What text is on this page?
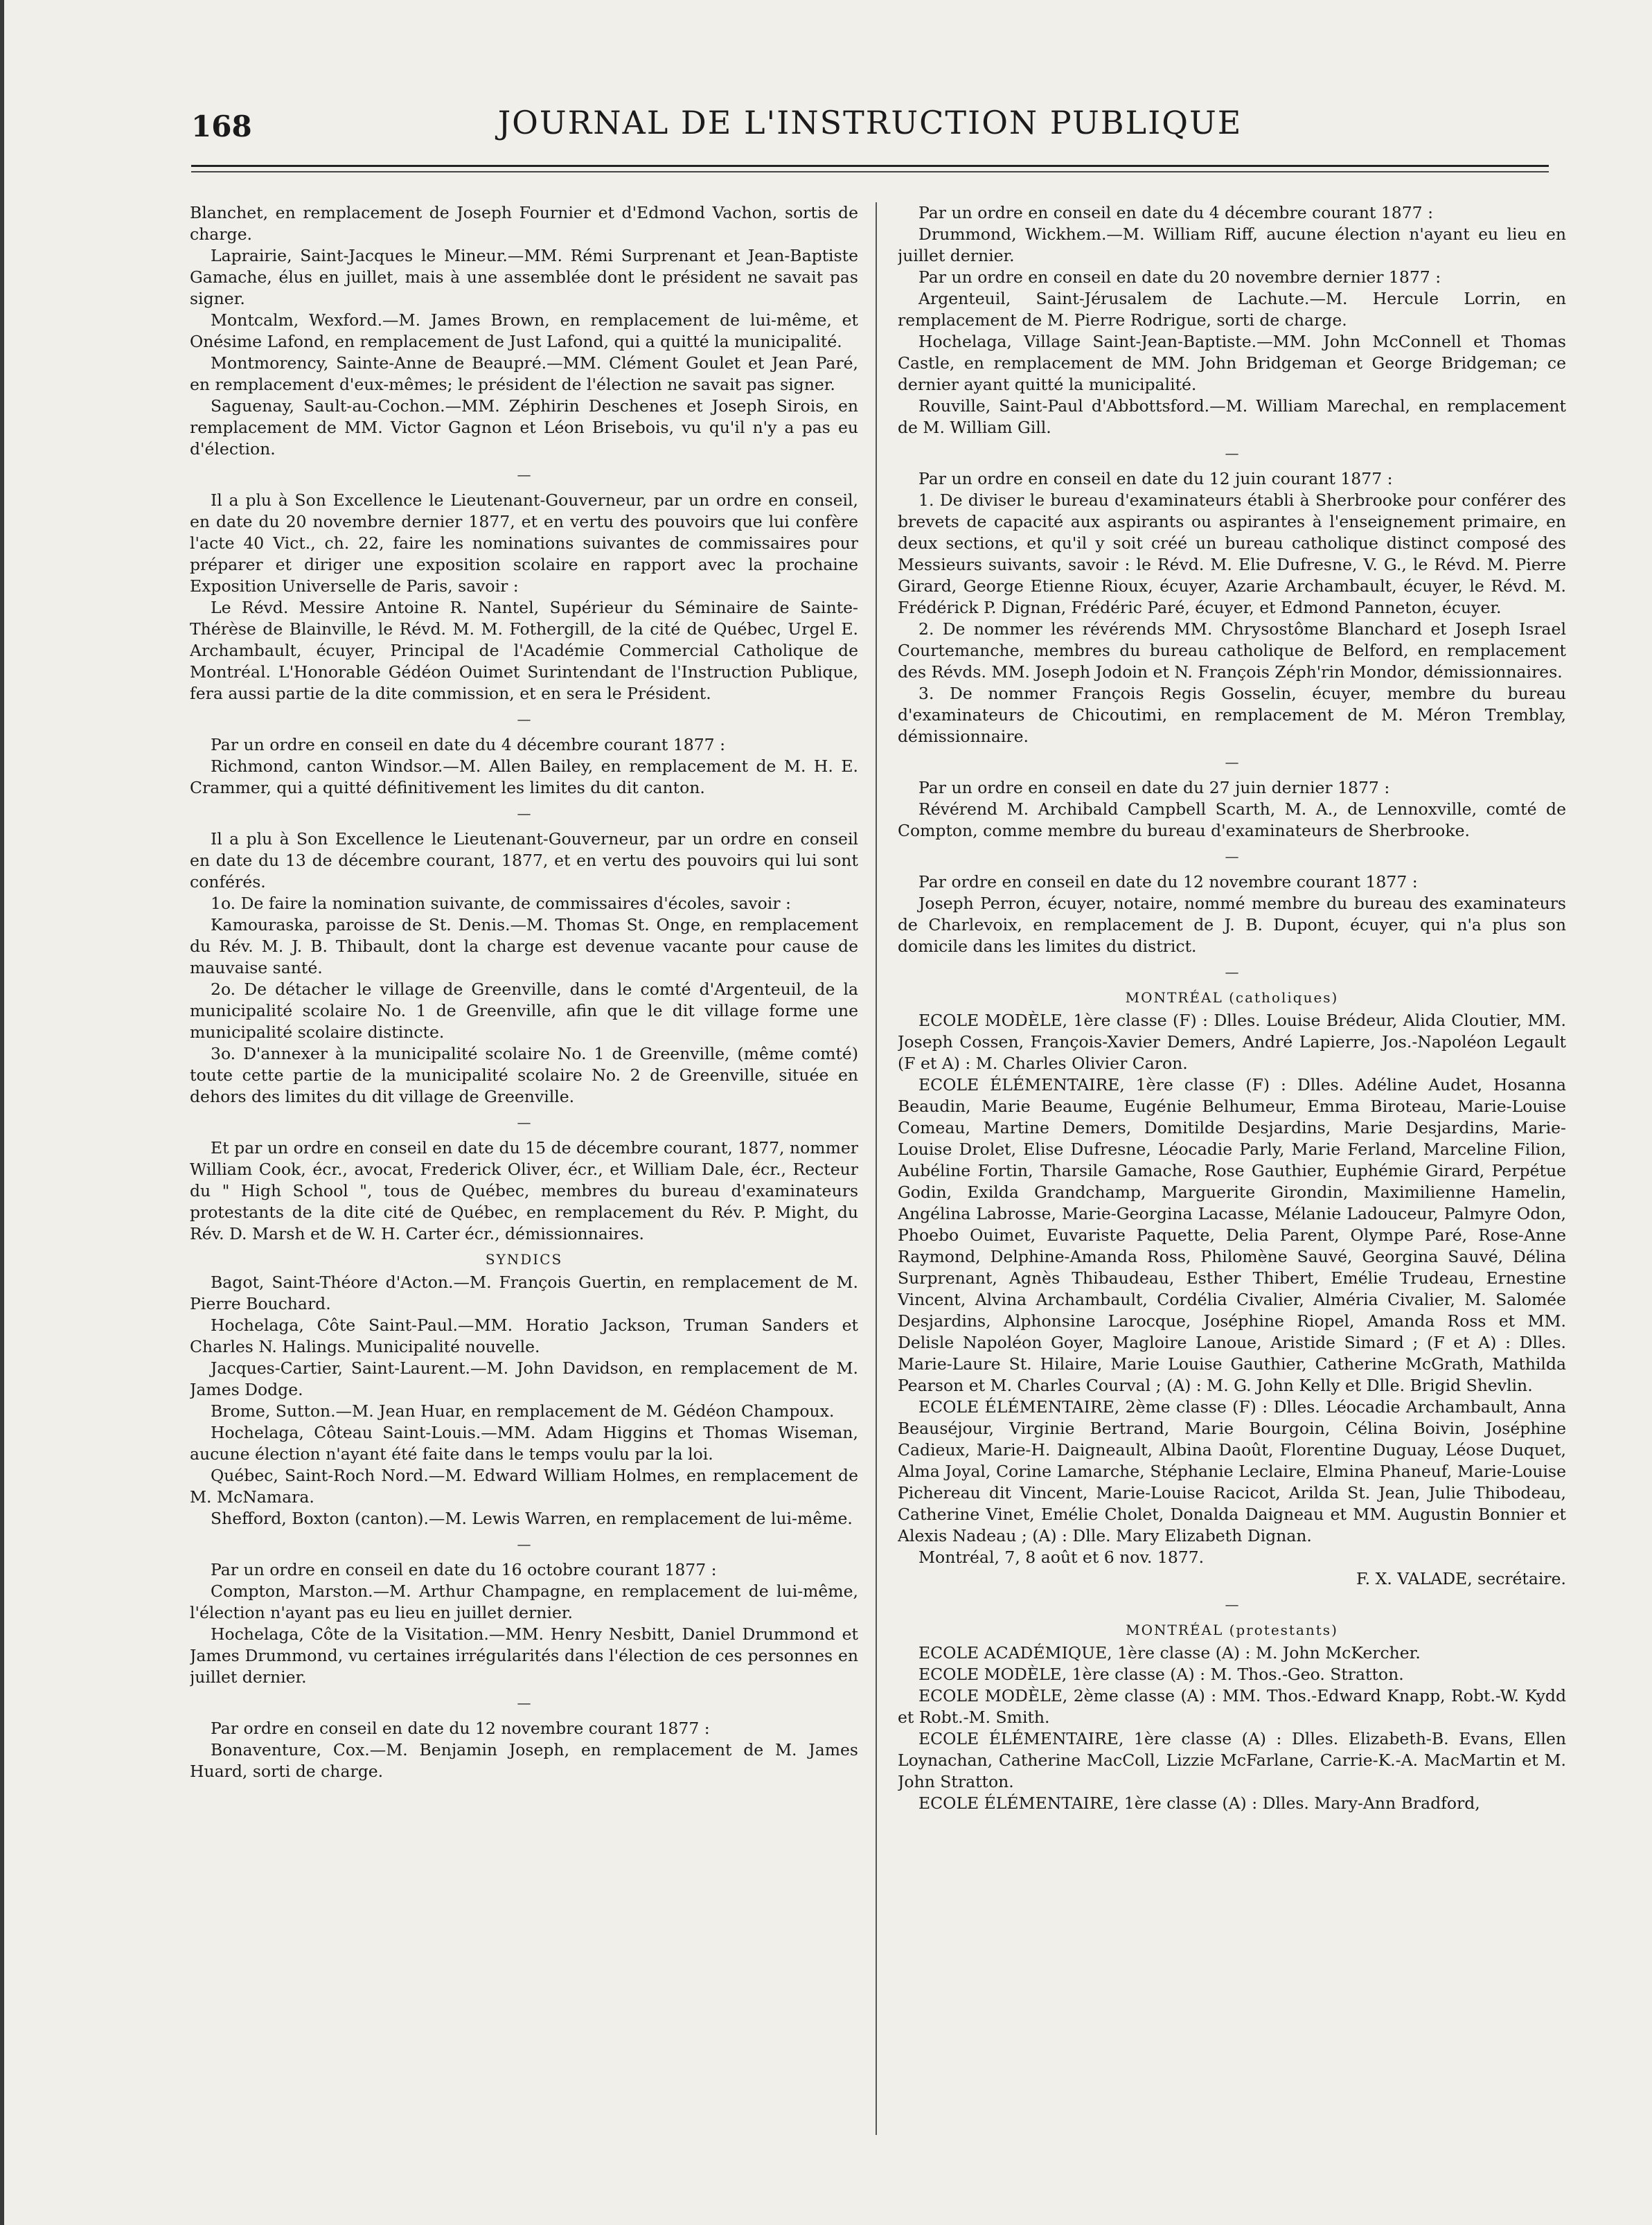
168	JOURNAL DE L'INSTRUCTION PUBLIQUE

Blanchet, en remplacement de Joseph Fournier et d'Edmond Vachon, sortis de charge.

Laprairie, Saint-Jacques le Mineur.—MM. Rémi Surprenant et Jean-Baptiste Gamache, élus en juillet, mais à une assemblée dont le président ne savait pas signer.

Montcalm, Wexford.—M. James Brown, en remplacement de lui-même, et Onésime Lafond, en remplacement de Just Lafond, qui a quitté la municipalité.

Montmorency, Sainte-Anne de Beaupré.—MM. Clément Goulet et Jean Paré, en remplacement d'eux-mêmes; le président de l'élection ne savait pas signer.

Saguenay, Sault-au-Cochon.—MM. Zéphirin Deschenes et Joseph Sirois, en remplacement de MM. Victor Gagnon et Léon Brisebois, vu qu'il n'y a pas eu d'élection.

—

Il a plu à Son Excellence le Lieutenant-Gouverneur, par un ordre en conseil, en date du 20 novembre dernier 1877, et en vertu des pouvoirs que lui confère l'acte 40 Vict., ch. 22, faire les nominations suivantes de commissaires pour préparer et diriger une exposition scolaire en rapport avec la prochaine Exposition Universelle de Paris, savoir :

Le Révd. Messire Antoine R. Nantel, Supérieur du Séminaire de Sainte-Thérèse de Blainville, le Révd. M. M. Fothergill, de la cité de Québec, Urgel E. Archambault, écuyer, Principal de l'Académie Commercial Catholique de Montréal. L'Honorable Gédéon Ouimet Surintendant de l'Instruction Publique, fera aussi partie de la dite commission, et en sera le Président.

—

Par un ordre en conseil en date du 4 décembre courant 1877 :

Richmond, canton Windsor.—M. Allen Bailey, en remplacement de M. H. E. Crammer, qui a quitté définitivement les limites du dit canton.

—

Il a plu à Son Excellence le Lieutenant-Gouverneur, par un ordre en conseil en date du 13 de décembre courant, 1877, et en vertu des pouvoirs qui lui sont conférés.

1o. De faire la nomination suivante, de commissaires d'écoles, savoir :

Kamouraska, paroisse de St. Denis.—M. Thomas St. Onge, en remplacement du Rév. M. J. B. Thibault, dont la charge est devenue vacante pour cause de mauvaise santé.

2o. De détacher le village de Greenville, dans le comté d'Argenteuil, de la municipalité scolaire No. 1 de Greenville, afin que le dit village forme une municipalité scolaire distincte.

3o. D'annexer à la municipalité scolaire No. 1 de Greenville, (même comté) toute cette partie de la municipalité scolaire No. 2 de Greenville, située en dehors des limites du dit village de Greenville.

—

Et par un ordre en conseil en date du 15 de décembre courant, 1877, nommer William Cook, écr., avocat, Frederick Oliver, écr., et William Dale, écr., Recteur du " High School ", tous de Québec, membres du bureau d'examinateurs protestants de la dite cité de Québec, en remplacement du Rév. P. Might, du Rév. D. Marsh et de W. H. Carter écr., démissionnaires.

SYNDICS

Bagot, Saint-Théore d'Acton.—M. François Guertin, en remplacement de M. Pierre Bouchard.

Hochelaga, Côte Saint-Paul.—MM. Horatio Jackson, Truman Sanders et Charles N. Halings. Municipalité nouvelle.

Jacques-Cartier, Saint-Laurent.—M. John Davidson, en remplacement de M. James Dodge.

Brome, Sutton.—M. Jean Huar, en remplacement de M. Gédéon Champoux.

Hochelaga, Côteau Saint-Louis.—MM. Adam Higgins et Thomas Wiseman, aucune élection n'ayant été faite dans le temps voulu par la loi.

Québec, Saint-Roch Nord.—M. Edward William Holmes, en remplacement de M. McNamara.

Shefford, Boxton (canton).—M. Lewis Warren, en remplacement de lui-même.

—

Par un ordre en conseil en date du 16 octobre courant 1877 :

Compton, Marston.—M. Arthur Champagne, en remplacement de lui-même, l'élection n'ayant pas eu lieu en juillet dernier.

Hochelaga, Côte de la Visitation.—MM. Henry Nesbitt, Daniel Drummond et James Drummond, vu certaines irrégularités dans l'élection de ces personnes en juillet dernier.

—

Par ordre en conseil en date du 12 novembre courant 1877 :

Bonaventure, Cox.—M. Benjamin Joseph, en remplacement de M. James Huard, sorti de charge.

Par un ordre en conseil en date du 4 décembre courant 1877 :

Drummond, Wickhem.—M. William Riff, aucune élection n'ayant eu lieu en juillet dernier.

Par un ordre en conseil en date du 20 novembre dernier 1877 :

Argenteuil, Saint-Jérusalem de Lachute.—M. Hercule Lorrin, en remplacement de M. Pierre Rodrigue, sorti de charge.

Hochelaga, Village Saint-Jean-Baptiste.—MM. John McConnell et Thomas Castle, en remplacement de MM. John Bridgeman et George Bridgeman; ce dernier ayant quitté la municipalité.

Rouville, Saint-Paul d'Abbottsford.—M. William Marechal, en remplacement de M. William Gill.

—

Par un ordre en conseil en date du 12 juin courant 1877 :

1. De diviser le bureau d'examinateurs établi à Sherbrooke pour conférer des brevets de capacité aux aspirants ou aspirantes à l'enseignement primaire, en deux sections, et qu'il y soit créé un bureau catholique distinct composé des Messieurs suivants, savoir : le Révd. M. Elie Dufresne, V. G., le Révd. M. Pierre Girard, George Etienne Rioux, écuyer, Azarie Archambault, écuyer, le Révd. M. Frédérick P. Dignan, Frédéric Paré, écuyer, et Edmond Panneton, écuyer.

2. De nommer les révérends MM. Chrysostôme Blanchard et Joseph Israel Courtemanche, membres du bureau catholique de Belford, en remplacement des Révds. MM. Joseph Jodoin et N. François Zéph'rin Mondor, démissionnaires.

3. De nommer François Regis Gosselin, écuyer, membre du bureau d'examinateurs de Chicoutimi, en remplacement de M. Méron Tremblay, démissionnaire.

—

Par un ordre en conseil en date du 27 juin dernier 1877 :

Révérend M. Archibald Campbell Scarth, M. A., de Lennoxville, comté de Compton, comme membre du bureau d'examinateurs de Sherbrooke.

—

Par ordre en conseil en date du 12 novembre courant 1877 :

Joseph Perron, écuyer, notaire, nommé membre du bureau des examinateurs de Charlevoix, en remplacement de J. B. Dupont, écuyer, qui n'a plus son domicile dans les limites du district.

—
MONTRÉAL (catholiques)

ECOLE MODÈLE, 1ère classe (F) : Dlles. Louise Brédeur, Alida Cloutier, MM. Joseph Cossen, François-Xavier Demers, André Lapierre, Jos.-Napoléon Legault (F et A) : M. Charles Olivier Caron.

ECOLE ÉLÉMENTAIRE, 1ère classe (F) : Dlles. Adéline Audet, Hosanna Beaudin, Marie Beaume, Eugénie Belhumeur, Emma Biroteau, Marie-Louise Comeau, Martine Demers, Domitilde Desjardins, Marie Desjardins, Marie-Louise Drolet, Elise Dufresne, Léocadie Parly, Marie Ferland, Marceline Filion, Aubéline Fortin, Tharsile Gamache, Rose Gauthier, Euphémie Girard, Perpétue Godin, Exilda Grandchamp, Marguerite Girondin, Maximilienne Hamelin, Angélina Labrosse, Marie-Georgina Lacasse, Mélanie Ladouceur, Palmyre Odon, Phoebo Ouimet, Euvariste Paquette, Delia Parent, Olympe Paré, Rose-Anne Raymond, Delphine-Amanda Ross, Philomène Sauvé, Georgina Sauvé, Délina Surprenant, Agnès Thibaudeau, Esther Thibert, Emélie Trudeau, Ernestine Vincent, Alvina Archambault, Cordélia Civalier, Alméria Civalier, M. Salomée Desjardins, Alphonsine Larocque, Joséphine Riopel, Amanda Ross et MM. Delisle Napoléon Goyer, Magloire Lanoue, Aristide Simard ; (F et A) : Dlles. Marie-Laure St. Hilaire, Marie Louise Gauthier, Catherine McGrath, Mathilda Pearson et M. Charles Courval ; (A) : M. G. John Kelly et Dlle. Brigid Shevlin.

ECOLE ÉLÉMENTAIRE, 2ème classe (F) : Dlles. Léocadie Archambault, Anna Beauséjour, Virginie Bertrand, Marie Bourgoin, Célina Boivin, Joséphine Cadieux, Marie-H. Daigneault, Albina Daoût, Florentine Duguay, Léose Duquet, Alma Joyal, Corine Lamarche, Stéphanie Leclaire, Elmina Phaneuf, Marie-Louise Pichereau dit Vincent, Marie-Louise Racicot, Arilda St. Jean, Julie Thibodeau, Catherine Vinet, Emélie Cholet, Donalda Daigneau et MM. Augustin Bonnier et Alexis Nadeau ; (A) : Dlle. Mary Elizabeth Dignan.

Montréal, 7, 8 août et 6 nov. 1877.

F. X. VALADE, secrétaire.

—
MONTRÉAL (protestants)

ECOLE ACADÉMIQUE, 1ère classe (A) : M. John McKercher.

ECOLE MODÈLE, 1ère classe (A) : M. Thos.-Geo. Stratton.

ECOLE MODÈLE, 2ème classe (A) : MM. Thos.-Edward Knapp, Robt.-W. Kydd et Robt.-M. Smith.

ECOLE ÉLÉMENTAIRE, 1ère classe (A) : Dlles. Elizabeth-B. Evans, Ellen Loynachan, Catherine MacColl, Lizzie McFarlane, Carrie-K.-A. MacMartin et M. John Stratton.

ECOLE ÉLÉMENTAIRE, 1ère classe (A) : Dlles. Mary-Ann Bradford,
